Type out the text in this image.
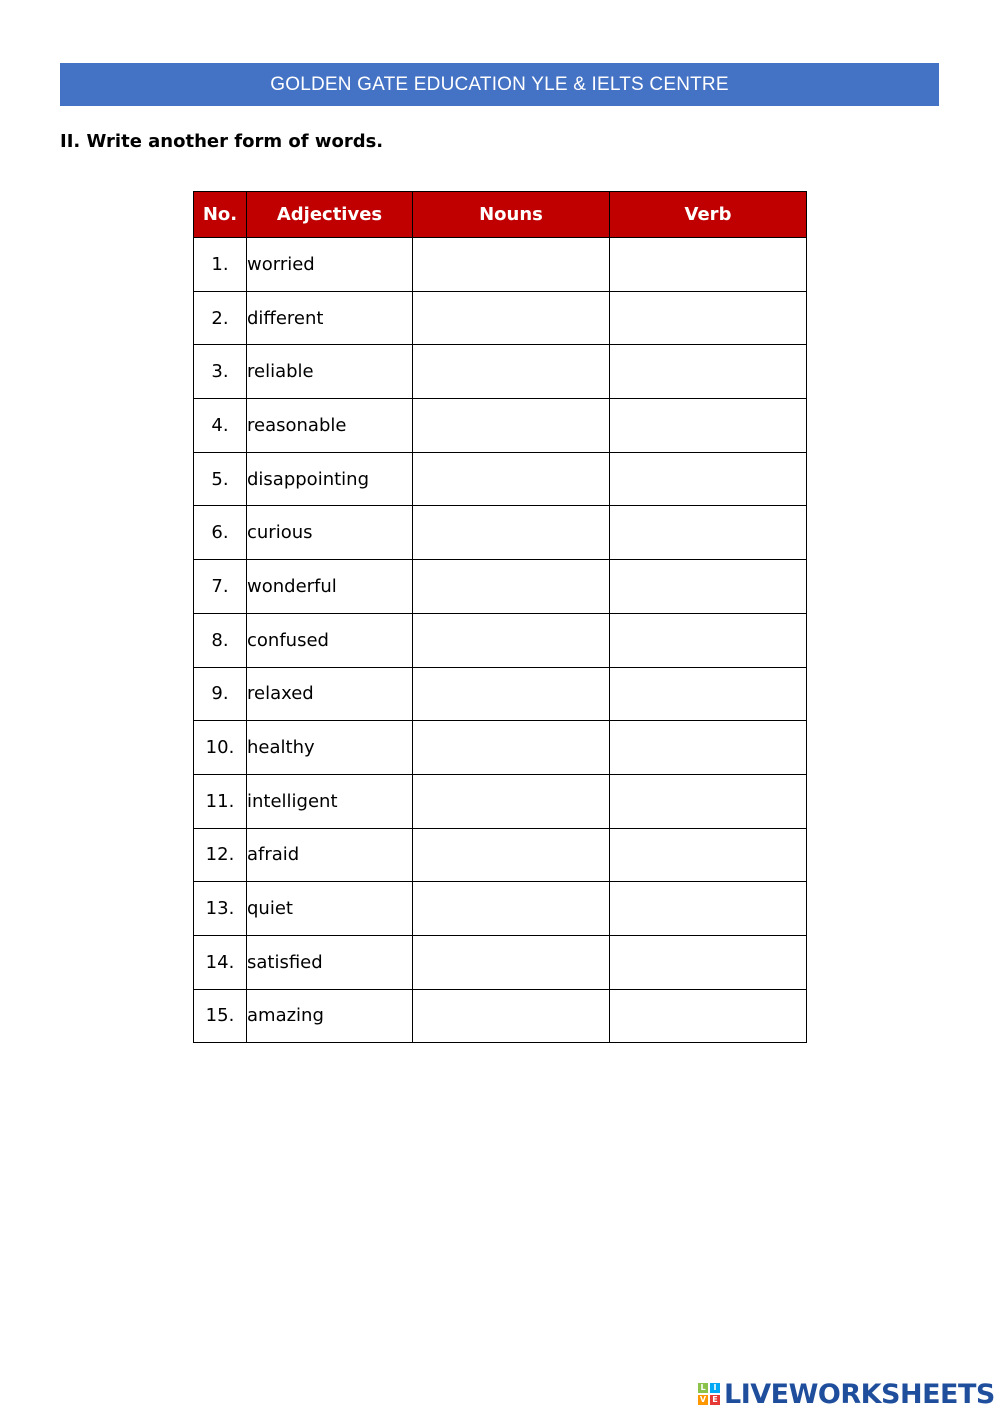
GOLDEN GATE EDUCATION YLE & IELTS CENTRE
II. Write another form of words.
No.	Adjectives	Nouns	Verb
1.	worried		
2.	different		
3.	reliable		
4.	reasonable		
5.	disappointing		
6.	curious		
7.	wonderful		
8.	confused		
9.	relaxed		
10.	healthy		
11.	intelligent		
12.	afraid		
13.	quiet		
14.	satisfied		
15.	amazing		
L I
V E LIVEWORKSHEETS
